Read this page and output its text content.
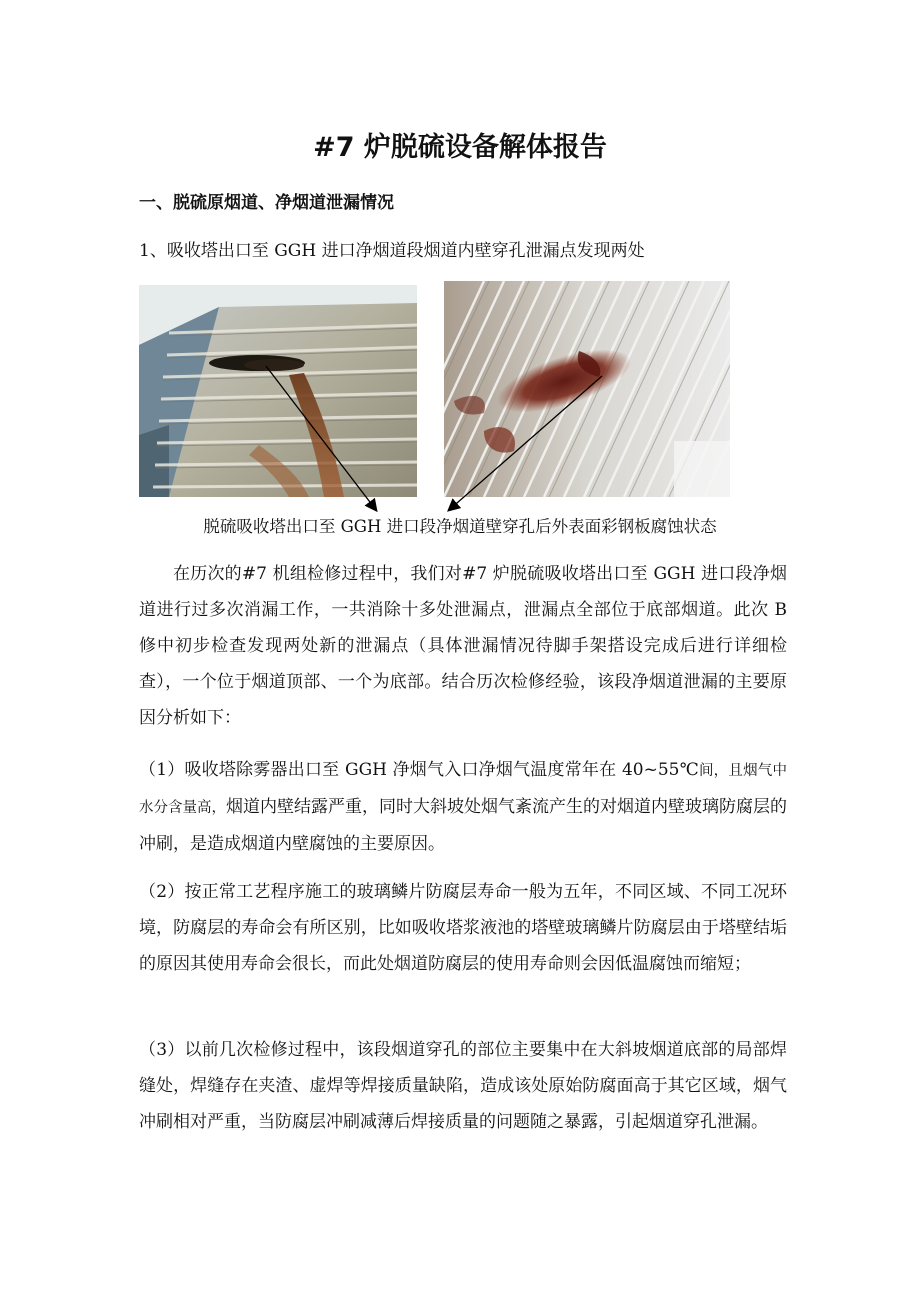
#7 炉脱硫设备解体报告

一、脱硫原烟道、净烟道泄漏情况

1、吸收塔出口至 GGH 进口净烟道段烟道内壁穿孔泄漏点发现两处

脱硫吸收塔出口至 GGH 进口段净烟道壁穿孔后外表面彩钢板腐蚀状态

在历次的#7 机组检修过程中，我们对#7 炉脱硫吸收塔出口至 GGH 进口段净烟道进行过多次消漏工作，一共消除十多处泄漏点，泄漏点全部位于底部烟道。此次 B 修中初步检查发现两处新的泄漏点（具体泄漏情况待脚手架搭设完成后进行详细检查），一个位于烟道顶部、一个为底部。结合历次检修经验，该段净烟道泄漏的主要原因分析如下：

（1）吸收塔除雾器出口至 GGH 净烟气入口净烟气温度常年在 40~55℃间，且烟气中水分含量高，烟道内壁结露严重，同时大斜坡处烟气紊流产生的对烟道内壁玻璃防腐层的冲刷，是造成烟道内壁腐蚀的主要原因。

（2）按正常工艺程序施工的玻璃鳞片防腐层寿命一般为五年，不同区域、不同工况环境，防腐层的寿命会有所区别，比如吸收塔浆液池的塔壁玻璃鳞片防腐层由于塔壁结垢的原因其使用寿命会很长，而此处烟道防腐层的使用寿命则会因低温腐蚀而缩短；

（3）以前几次检修过程中，该段烟道穿孔的部位主要集中在大斜坡烟道底部的局部焊缝处，焊缝存在夹渣、虚焊等焊接质量缺陷，造成该处原始防腐面高于其它区域，烟气冲刷相对严重，当防腐层冲刷减薄后焊接质量的问题随之暴露，引起烟道穿孔泄漏。
